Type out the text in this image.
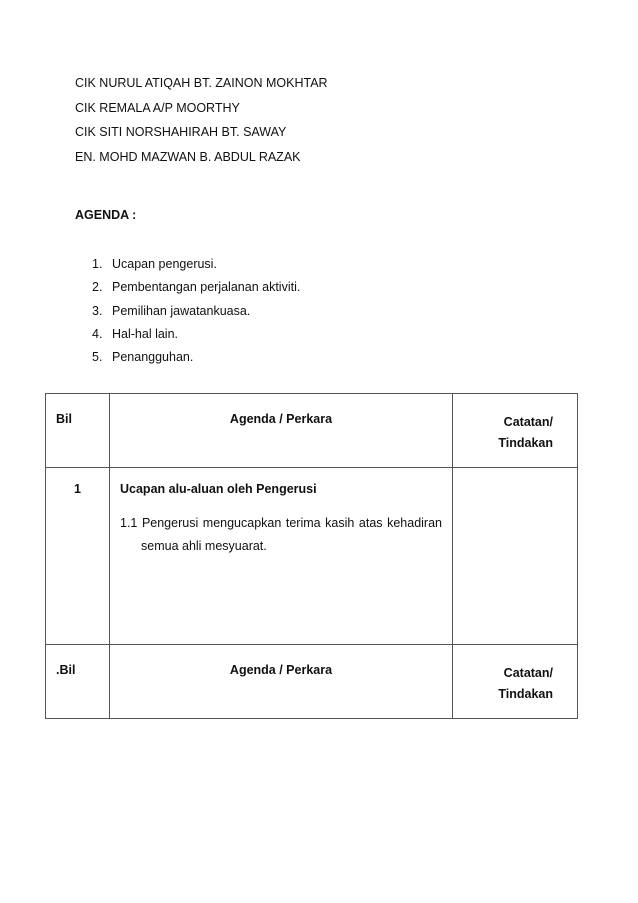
CIK NURUL ATIQAH BT. ZAINON MOKHTAR
CIK REMALA A/P MOORTHY
CIK SITI NORSHAHIRAH BT. SAWAY
EN. MOHD MAZWAN B. ABDUL RAZAK
AGENDA :
1. Ucapan pengerusi.
2. Pembentangan perjalanan aktiviti.
3. Pemilihan jawatankuasa.
4. Hal-hal lain.
5. Penangguhan.
Bil	Agenda / Perkara	Catatan/
Tindakan
1	Ucapan alu-aluan oleh Pengerusi
1.1 Pengerusi mengucapkan terima kasih atas kehadiran
semua ahli mesyuarat.	

.Bil	Agenda / Perkara	Catatan/
Tindakan
